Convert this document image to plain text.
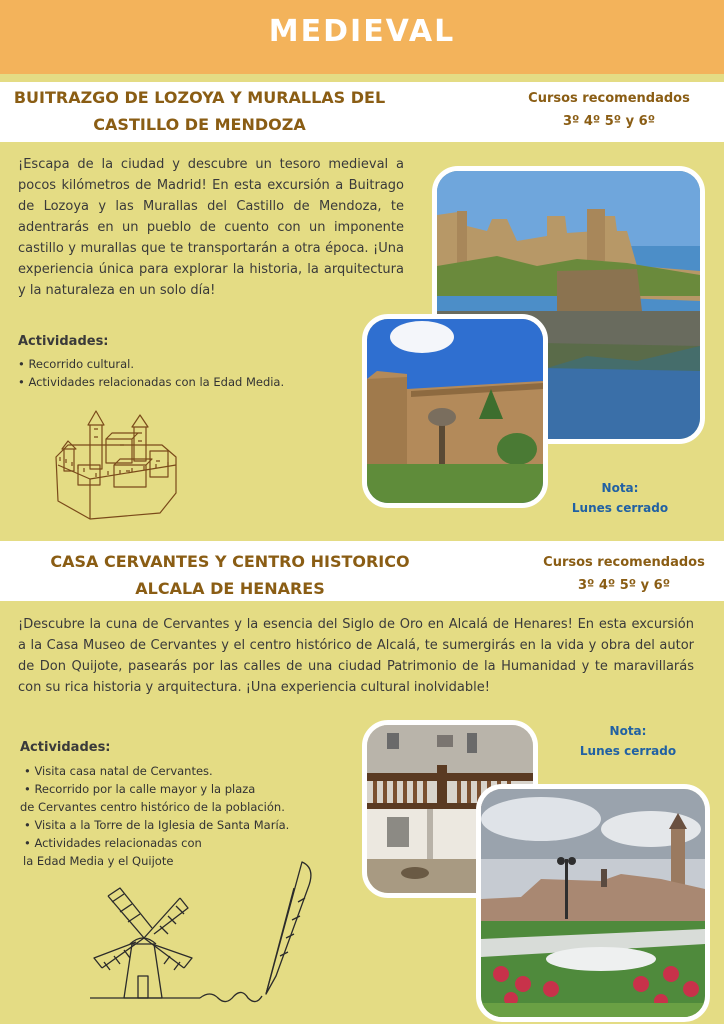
MEDIEVAL
BUITRAZGO DE LOZOYA Y MURALLAS DEL
CASTILLO DE MENDOZA
Cursos recomendados
3º 4º 5º y 6º

¡Escapa de la ciudad y descubre un tesoro medieval a pocos kilómetros de Madrid! En esta excursión a Buitrago de Lozoya y las Murallas del Castillo de Mendoza, te adentrarás en un pueblo de cuento con un imponente castillo y murallas que te transportarán a otra época. ¡Una experiencia única para explorar la historia, la arquitectura y la naturaleza en un solo día!

Actividades:
• Recorrido cultural.
• Actividades relacionadas con la Edad Media.
Nota:
Lunes cerrado
CASA CERVANTES Y CENTRO HISTORICO
ALCALA DE HENARES
Cursos recomendados
3º 4º 5º y 6º

¡Descubre la cuna de Cervantes y la esencia del Siglo de Oro en Alcalá de Henares! En esta excursión a la Casa Museo de Cervantes y el centro histórico de Alcalá, te sumergirás en la vida y obra del autor de Don Quijote, pasearás por las calles de una ciudad Patrimonio de la Humanidad y te maravillarás con su rica historia y arquitectura. ¡Una experiencia cultural inolvidable!

Actividades:
• Visita casa natal de Cervantes.
• Recorrido por la calle mayor y la plaza
de Cervantes centro histórico de la población.
• Visita a la Torre de la Iglesia de Santa María.
• Actividades relacionadas con
la Edad Media y el Quijote
Nota:
Lunes cerrado
